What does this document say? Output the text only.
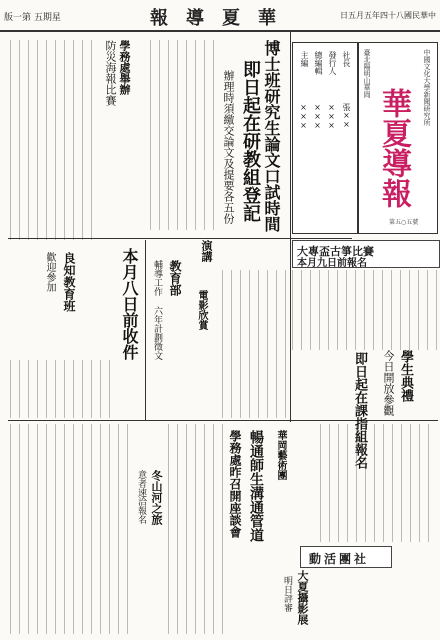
版一第 五期星	報導夏華	日五月五年四十八國民華中
中國文化大學新聞研究所
臺北陽明山華岡
華夏導報
第五○五號
社長
張××
發行人
×××
總編輯
×××
主編
×××
博士班研究生論文口試時間
即日起在研教組登記
辦理時須繳交論文及提要各五份
學務處舉辦
防災海報比賽
演講
良知教育班
歡迎參加	教育部
輔導工作 六年計劃徵文
本月八日前收件	大專盃古箏比賽
本月九日前報名
電影欣賞
學生典禮
今日開放參觀
即日起在課指組報名
暢通師生溝通管道
學務處昨召開座談會
動活團社
華岡藝術團
冬山河之旅
意者速洽報名
大夏攝影展
明日評審
